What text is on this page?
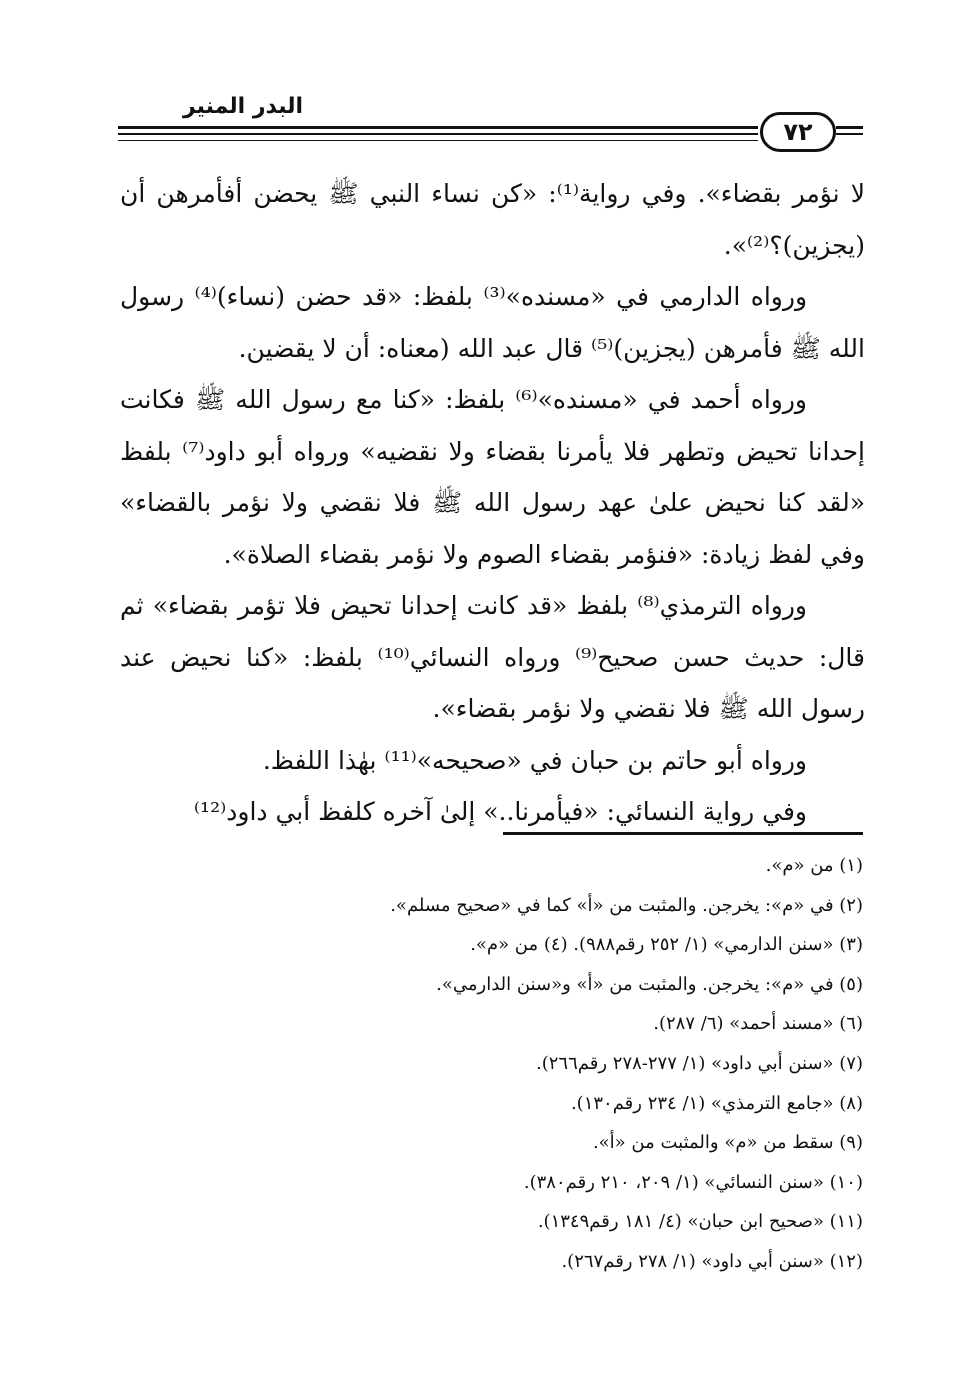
البدر المنير
٧٢

لا نؤمر بقضاء». وفي رواية⁽¹⁾: «كن نساء النبي ﷺ يحضن أفأمرهن أن (يجزين)؟⁽²⁾».

ورواه الدارمي في «مسنده»⁽³⁾ بلفظ: «قد حضن (نساء)⁽⁴⁾ رسول الله ﷺ فأمرهن (يجزين)⁽⁵⁾ قال عبد الله (معناه: أن لا يقضين.

ورواه أحمد في «مسنده»⁽⁶⁾ بلفظ: «كنا مع رسول الله ﷺ فكانت إحدانا تحيض وتطهر فلا يأمرنا بقضاء ولا نقضيه» ورواه أبو داود⁽⁷⁾ بلفظ «لقد كنا نحيض علىٰ عهد رسول الله ﷺ فلا نقضي ولا نؤمر بالقضاء» وفي لفظ زيادة: «فنؤمر بقضاء الصوم ولا نؤمر بقضاء الصلاة».

ورواه الترمذي⁽⁸⁾ بلفظ «قد كانت إحدانا تحيض فلا تؤمر بقضاء» ثم قال: حديث حسن صحيح⁽⁹⁾ ورواه النسائي⁽¹⁰⁾ بلفظ: «كنا نحيض عند رسول الله ﷺ فلا نقضي ولا نؤمر بقضاء».

ورواه أبو حاتم بن حبان في «صحيحه»⁽¹¹⁾ بهٰذا اللفظ.

وفي رواية النسائي: «فيأمرنا..» إلىٰ آخره كلفظ أبي داود⁽¹²⁾

(١) من «م».
(٢) في «م»: يخرجن. والمثبت من «أ» كما في «صحيح مسلم».
(٣) «سنن الدارمي» (١/ ٢٥٢ رقم٩٨٨). (٤) من «م».
(٥) في «م»: يخرجن. والمثبت من «أ» و«سنن الدارمي».
(٦) «مسند أحمد» (٦/ ٢٨٧).
(٧) «سنن أبي داود» (١/ ٢٧٧-٢٧٨ رقم٢٦٦).
(٨) «جامع الترمذي» (١/ ٢٣٤ رقم١٣٠).
(٩) سقط من «م» والمثبت من «أ».
(١٠) «سنن النسائي» (١/ ٢٠٩، ٢١٠ رقم٣٨٠).
(١١) «صحيح ابن حبان» (٤/ ١٨١ رقم١٣٤٩).
(١٢) «سنن أبي داود» (١/ ٢٧٨ رقم٢٦٧).
